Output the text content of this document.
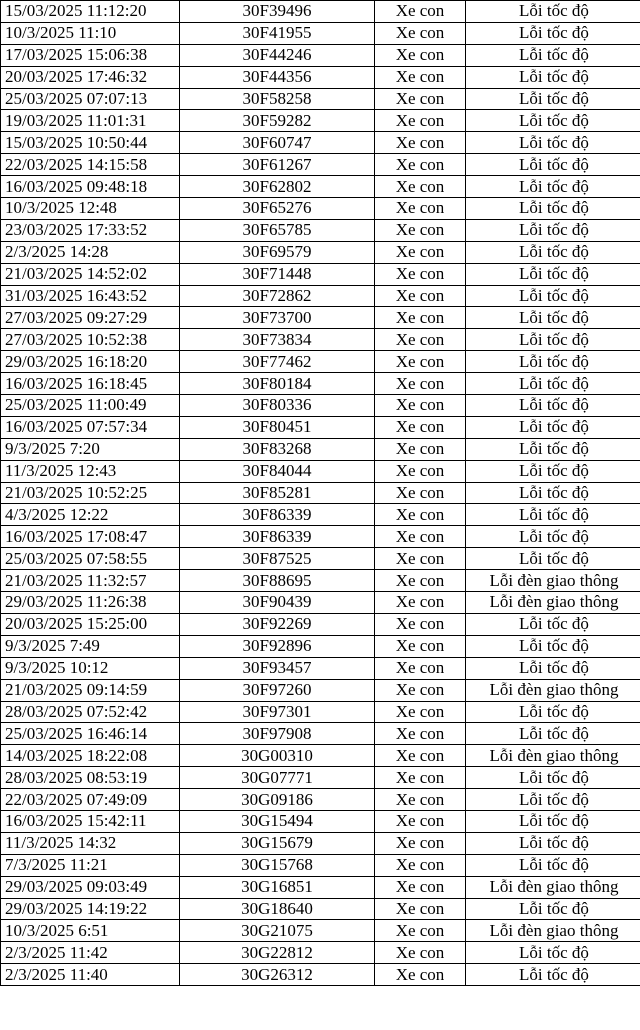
15/03/2025 11:12:20	30F39496	Xe con	Lỗi tốc độ
10/3/2025 11:10	30F41955	Xe con	Lỗi tốc độ
17/03/2025 15:06:38	30F44246	Xe con	Lỗi tốc độ
20/03/2025 17:46:32	30F44356	Xe con	Lỗi tốc độ
25/03/2025 07:07:13	30F58258	Xe con	Lỗi tốc độ
19/03/2025 11:01:31	30F59282	Xe con	Lỗi tốc độ
15/03/2025 10:50:44	30F60747	Xe con	Lỗi tốc độ
22/03/2025 14:15:58	30F61267	Xe con	Lỗi tốc độ
16/03/2025 09:48:18	30F62802	Xe con	Lỗi tốc độ
10/3/2025 12:48	30F65276	Xe con	Lỗi tốc độ
23/03/2025 17:33:52	30F65785	Xe con	Lỗi tốc độ
2/3/2025 14:28	30F69579	Xe con	Lỗi tốc độ
21/03/2025 14:52:02	30F71448	Xe con	Lỗi tốc độ
31/03/2025 16:43:52	30F72862	Xe con	Lỗi tốc độ
27/03/2025 09:27:29	30F73700	Xe con	Lỗi tốc độ
27/03/2025 10:52:38	30F73834	Xe con	Lỗi tốc độ
29/03/2025 16:18:20	30F77462	Xe con	Lỗi tốc độ
16/03/2025 16:18:45	30F80184	Xe con	Lỗi tốc độ
25/03/2025 11:00:49	30F80336	Xe con	Lỗi tốc độ
16/03/2025 07:57:34	30F80451	Xe con	Lỗi tốc độ
9/3/2025 7:20	30F83268	Xe con	Lỗi tốc độ
11/3/2025 12:43	30F84044	Xe con	Lỗi tốc độ
21/03/2025 10:52:25	30F85281	Xe con	Lỗi tốc độ
4/3/2025 12:22	30F86339	Xe con	Lỗi tốc độ
16/03/2025 17:08:47	30F86339	Xe con	Lỗi tốc độ
25/03/2025 07:58:55	30F87525	Xe con	Lỗi tốc độ
21/03/2025 11:32:57	30F88695	Xe con	Lỗi đèn giao thông
29/03/2025 11:26:38	30F90439	Xe con	Lỗi đèn giao thông
20/03/2025 15:25:00	30F92269	Xe con	Lỗi tốc độ
9/3/2025 7:49	30F92896	Xe con	Lỗi tốc độ
9/3/2025 10:12	30F93457	Xe con	Lỗi tốc độ
21/03/2025 09:14:59	30F97260	Xe con	Lỗi đèn giao thông
28/03/2025 07:52:42	30F97301	Xe con	Lỗi tốc độ
25/03/2025 16:46:14	30F97908	Xe con	Lỗi tốc độ
14/03/2025 18:22:08	30G00310	Xe con	Lỗi đèn giao thông
28/03/2025 08:53:19	30G07771	Xe con	Lỗi tốc độ
22/03/2025 07:49:09	30G09186	Xe con	Lỗi tốc độ
16/03/2025 15:42:11	30G15494	Xe con	Lỗi tốc độ
11/3/2025 14:32	30G15679	Xe con	Lỗi tốc độ
7/3/2025 11:21	30G15768	Xe con	Lỗi tốc độ
29/03/2025 09:03:49	30G16851	Xe con	Lỗi đèn giao thông
29/03/2025 14:19:22	30G18640	Xe con	Lỗi tốc độ
10/3/2025 6:51	30G21075	Xe con	Lỗi đèn giao thông
2/3/2025 11:42	30G22812	Xe con	Lỗi tốc độ
2/3/2025 11:40	30G26312	Xe con	Lỗi tốc độ
